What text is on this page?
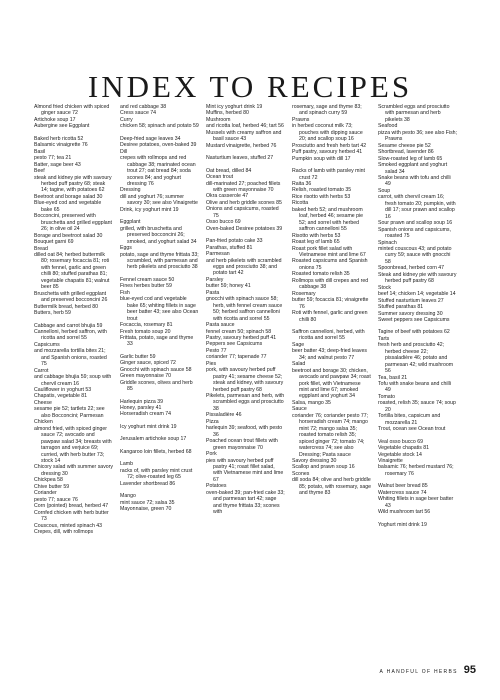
INDEX TO RECIPES
Almond fried chicken with spiced ginger sauce 72
Artichoke soup 17
Aubergine see Eggplant
Baked herb ricotta 52
Balsamic vinaigrette 76
Basil
pesto 77; tea 21
Batter, sage beer 43
Beef
steak and kidney pie with savoury herbed puff pastry 68; steak 14; tagine, with potatoes 62
Beetroot and borage salad 30
Blue-eyed cod and vegetable bake 65
Bocconcini, preserved with bruschetta and grilled eggplant 26; in olive oil 24
Borage and beetroot salad 30
Bouquet garni 69
Bread
dilled oat 84; herbed buttermilk 80; rosemary focaccia 81; roti with fennel, garlic and green chilli 80; stuffed parathas 81; vegetable chapatis 81; walnut beer 85
Bruschetta with grilled eggplant and preserved bocconcini 26
Buttermilk bread, herbed 80
Butters, herb 59
Cabbage and carrot bhujia 59
Cannelloni, herbed saffron, with ricotta and sorrel 55
Capsicums
and mozzarella tortilla bites 21; and Spanish onions, roasted 75
Carrot
and cabbage bhujia 59; soup with chervil cream 16
Cauliflower in yoghurt 53
Chapatis, vegetable 81
Cheese
sesame pie 52; tartlets 22; see also Bocconcini; Parmesan
Chicken
almond fried, with spiced ginger sauce 72; avocado and pawpaw salad 34; breasts with tarragon and verjuice 69; curried, with herb butter 73; stock 14
Chicory salad with summer savory dressing 30
Chickpea 58
Chive butter 59
Coriander
pesto 77; sauce 76
Corn (pointed) bread, herbed 47
Cornfed chicken with herb butter 73
Couscous, minted spinach 43
Crepes, dill, with rollmops
and red cabbage 38
Cress sauce 74
Curry
chicken 58; spinach and potato 59
Deep-fried sage leaves 34
Desiree potatoes, oven-baked 39
Dill
crepes with rollmops and red cabbage 38; marinated ocean trout 27; oat bread 84; soda scones 84; and yoghurt dressing 76
Dressing
dill and yoghurt 76; summer savory 30; see also Vinaigrette
Drink, icy yoghurt mint 19
Eggplant
grilled, with bruschetta and preserved bocconcini 26; smoked, and yoghurt salad 34
Eggs
potato, sage and thyme frittata 33; scrambled, with parmesan and herb pikelets and prosciutto 38
Fennel cream sauce 50
Fines herbes butter 59
Fish
blue-eyed cod and vegetable bake 65; whiting fillets in sage beer batter 43; see also Ocean trout
Focaccia, rosemary 81
Fresh tomato soup 20
Frittata, potato, sage and thyme 33
Garlic butter 59
Ginger sauce, spiced 72
Gnocchi with spinach sauce 58
Green mayonnaise 70
Griddle scones, olives and herb 85
Harlequin pizza 39
Honey, parsley 41
Horseradish cream 74
Icy yoghurt mint drink 19
Jerusalem artichoke soup 17
Kangaroo loin fillets, herbed 68
Lamb
racks of, with parsley mint crust 72; olive-roasted leg 65
Lavender shortbread 86
Mango
mint sauce 72; salsa 35
Mayonnaise, green 70
Mint icy yoghurt drink 19
Muffins, herbed 80
Mushroom
and ricotta loaf, herbed 46; tart 56
Mussels with creamy saffron and basil sauce 43
Mustard vinaigrette, herbed 76
Nasturtium leaves, stuffed 27
Oat bread, dilled 84
Ocean trout
dill-marinated 27; poached fillets with green mayonnaise 70
Okra casserole 47
Olive and herb griddle scones 85
Onions and capsicums, roasted 75
Osso bucco 69
Oven-baked Desiree potatoes 39
Pan-fried potato cake 33
Parathas, stuffed 81
Parmesan
and herb pikelets with scrambled eggs and prosciutto 38; and potato tart 42
Parsley
butter 59; honey 41
Pasta
gnocchi with spinach sauce 58; herb, with fennel cream sauce 50; herbed saffron cannelloni with ricotta and sorrel 55
Pasta sauce
fennel cream 50; spinach 58
Pastry, savoury herbed puff 41
Peppers see Capsicums
Pesto 77
coriander 77; tapenade 77
Pies
pork, with savoury herbed puff pastry 41; sesame cheese 52; steak and kidney, with savoury herbed puff pastry 68
Pikelets, parmesan and herb, with scrambled eggs and prosciutto 38
Pissaladière 46
Pizza
harlequin 39; seafood, with pesto 36
Poached ocean trout fillets with green mayonnaise 70
Pork
pies with savoury herbed puff pastry 41; roast fillet salad, with Vietnamese mint and lime 67
Potatoes
oven-baked 39; pan-fried cake 33; and parmesan tart 42; sage and thyme frittata 33; scones with
rosemary, sage and thyme 83; and spinach curry 59
Prawns
in herbed coconut milk 73; pouches with dipping sauce 20; and scallop soup 16
Prosciutto and fresh herb tart 42
Puff pastry, savoury herbed 41
Pumpkin soup with dill 17
Racks of lamb with parsley mint crust 72
Raita 36
Relish, roasted tomato 35
Rice risotto with herbs 53
Ricotta
baked herb 52; and mushroom loaf, herbed 46; sesame pie 52; and sorrel with herbed saffron cannelloni 55
Risotto with herbs 53
Roast leg of lamb 65
Roast pork fillet salad with Vietnamese mint and lime 67
Roasted capsicums and Spanish onions 75
Roasted tomato relish 35
Rollmops with dill crepes and red cabbage 38
Rosemary
butter 59; focaccia 81; vinaigrette 76
Roti with fennel, garlic and green chilli 80
Saffron cannelloni, herbed, with ricotta and sorrel 55
Sage
beer batter 43; deep-fried leaves 34; and walnut pesto 77
Salad
beetroot and borage 30; chicken, avocado and pawpaw 34; roast pork fillet, with Vietnamese mint and lime 67; smoked eggplant and yoghurt 34
Salsa, mango 35
Sauce
coriander 76; coriander pesto 77; horseradish cream 74; mango mint 72; mango salsa 35; roasted tomato relish 35; spiced ginger 72; tomato 74; watercress 74; see also Dressing; Pasta sauce
Savory dressing 30
Scallop and prawn soup 16
Scones
dill soda 84; olive and herb griddle 85; potato, with rosemary, sage and thyme 83
Scrambled eggs and prosciutto with parmesan and herb pikelets 38
Seafood
pizza with pesto 36; see also Fish; Prawns
Sesame cheese pie 52
Shortbread, lavender 86
Slow-roasted leg of lamb 65
Smoked eggplant and yoghurt salad 34
Snake beans with tofu and chilli 49
Soup
carrot, with chervil cream 16; fresh tomato 20; pumpkin, with dill 17; sour prawn and scallop 16
Sour prawn and scallop soup 16
Spanish onions and capsicums, roasted 75
Spinach
minted couscous 43; and potato curry 59; sauce with gnocchi 58
Spoonbread, herbed corn 47
Steak and kidney pie with savoury herbed puff pastry 68
Stock
beef 14; chicken 14; vegetable 14
Stuffed nasturtium leaves 27
Stuffed parathas 81
Summer savory dressing 30
Sweet peppers see Capsicums
Tagine of beef with potatoes 62
Tarts
fresh herb and prosciutto 42; herbed cheese 22; pissaladière 46; potato and parmesan 42; wild mushroom 56
Tea, basil 21
Tofu with snake beans and chilli 49
Tomato
roasted, relish 35; sauce 74; soup 20
Tortilla bites, capsicum and mozzarella 21
Trout, ocean see Ocean trout
Veal osso bucco 69
Vegetable chapatis 81
Vegetable stock 14
Vinaigrette
balsamic 76; herbed mustard 76; rosemary 76
Walnut beer bread 85
Watercress sauce 74
Whiting fillets in sage beer batter 43
Wild mushroom tart 56
Yoghurt mint drink 19
A HANDFUL OF HERBS 95
